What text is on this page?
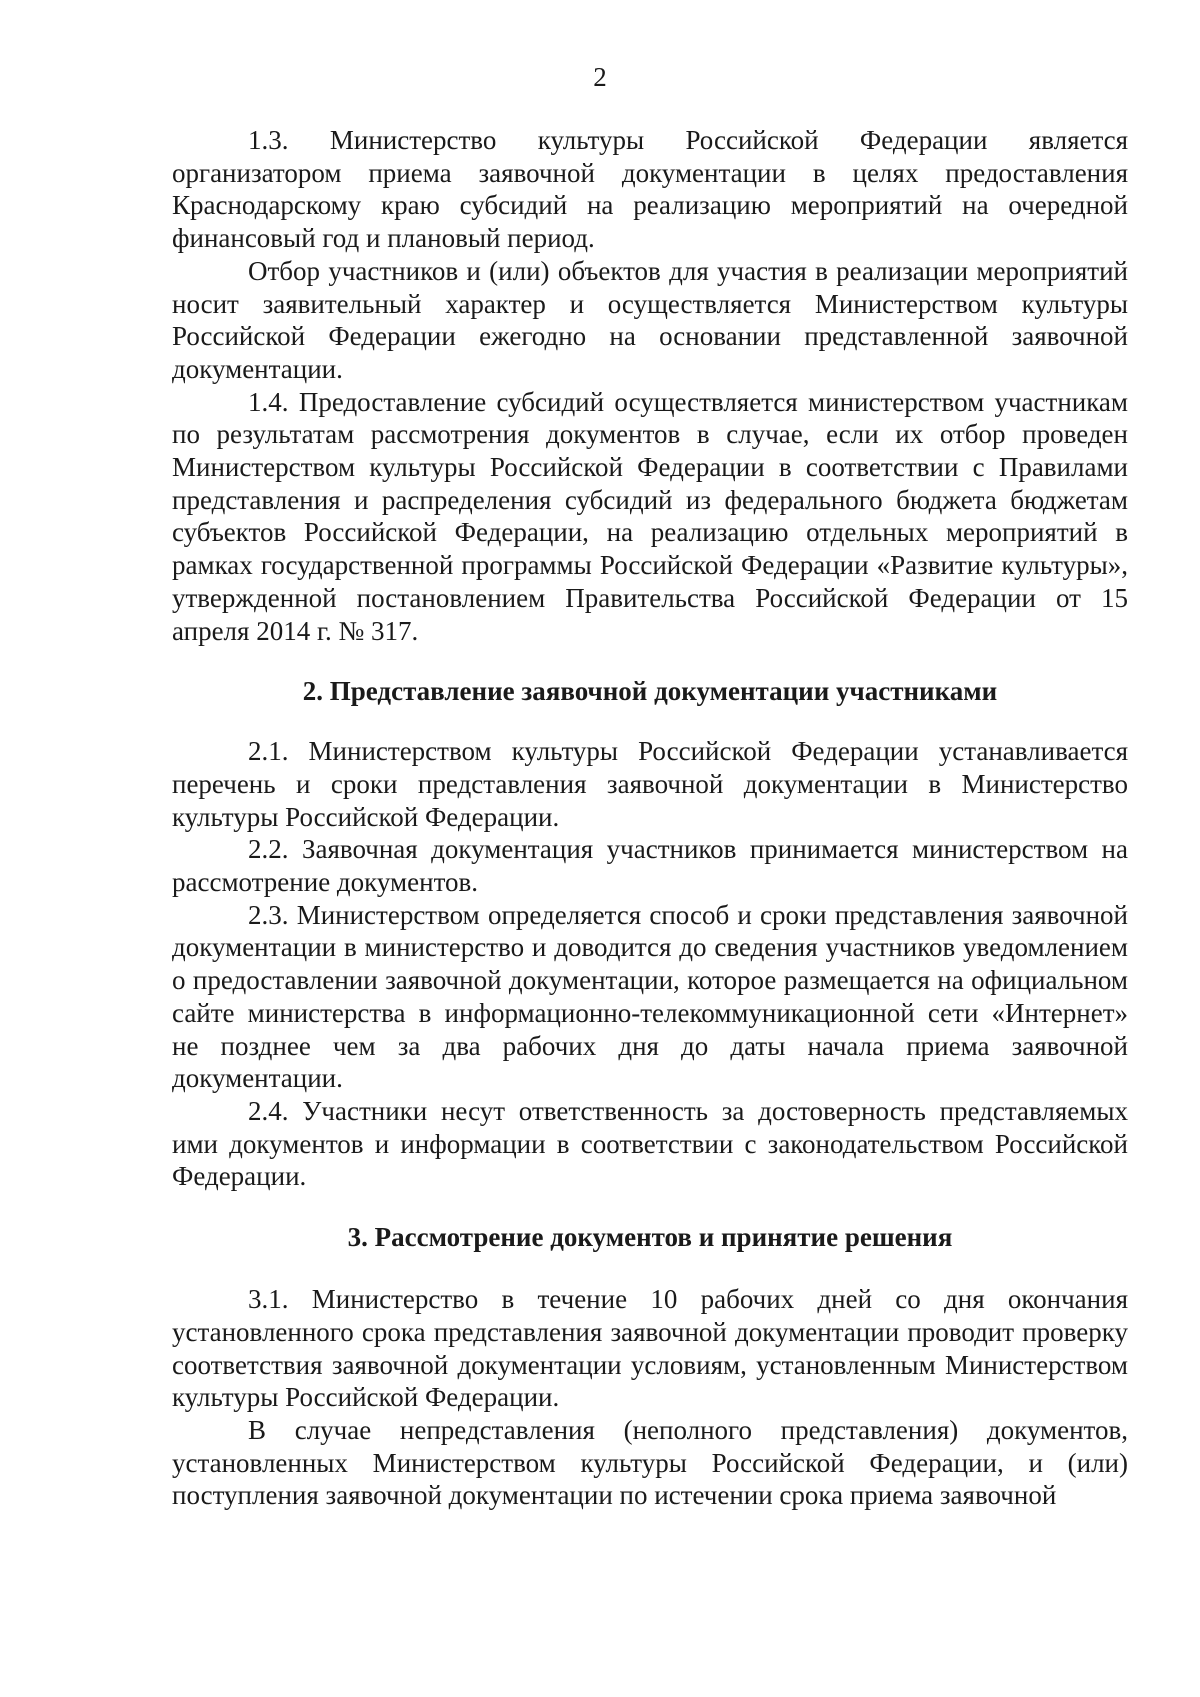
2

1.3. Министерство культуры Российской Федерации является организатором приема заявочной документации в целях предоставления Краснодарскому краю субсидий на реализацию мероприятий на очередной финансовый год и плановый период.

Отбор участников и (или) объектов для участия в реализации мероприятий носит заявительный характер и осуществляется Министерством культуры Российской Федерации ежегодно на основании представленной заявочной документации.

1.4. Предоставление субсидий осуществляется министерством участникам по результатам рассмотрения документов в случае, если их отбор проведен Министерством культуры Российской Федерации в соответствии с Правилами представления и распределения субсидий из федерального бюджета бюджетам субъектов Российской Федерации, на реализацию отдельных мероприятий в рамках государственной программы Российской Федерации «Развитие культуры», утвержденной постановлением Правительства Российской Федерации от 15 апреля 2014 г. № 317.

2. Представление заявочной документации участниками

2.1. Министерством культуры Российской Федерации устанавливается перечень и сроки представления заявочной документации в Министерство культуры Российской Федерации.

2.2. Заявочная документация участников принимается министерством на рассмотрение документов.

2.3. Министерством определяется способ и сроки представления заявочной документации в министерство и доводится до сведения участников уведомлением о предоставлении заявочной документации, которое размещается на официальном сайте министерства в информационно-телекоммуникационной сети «Интернет» не позднее чем за два рабочих дня до даты начала приема заявочной документации.

2.4. Участники несут ответственность за достоверность представляемых ими документов и информации в соответствии с законодательством Российской Федерации.

3. Рассмотрение документов и принятие решения

3.1. Министерство в течение 10 рабочих дней со дня окончания установленного срока представления заявочной документации проводит проверку соответствия заявочной документации условиям, установленным Министерством культуры Российской Федерации.

В случае непредставления (неполного представления) документов, установленных Министерством культуры Российской Федерации, и (или) поступления заявочной документации по истечении срока приема заявочной
